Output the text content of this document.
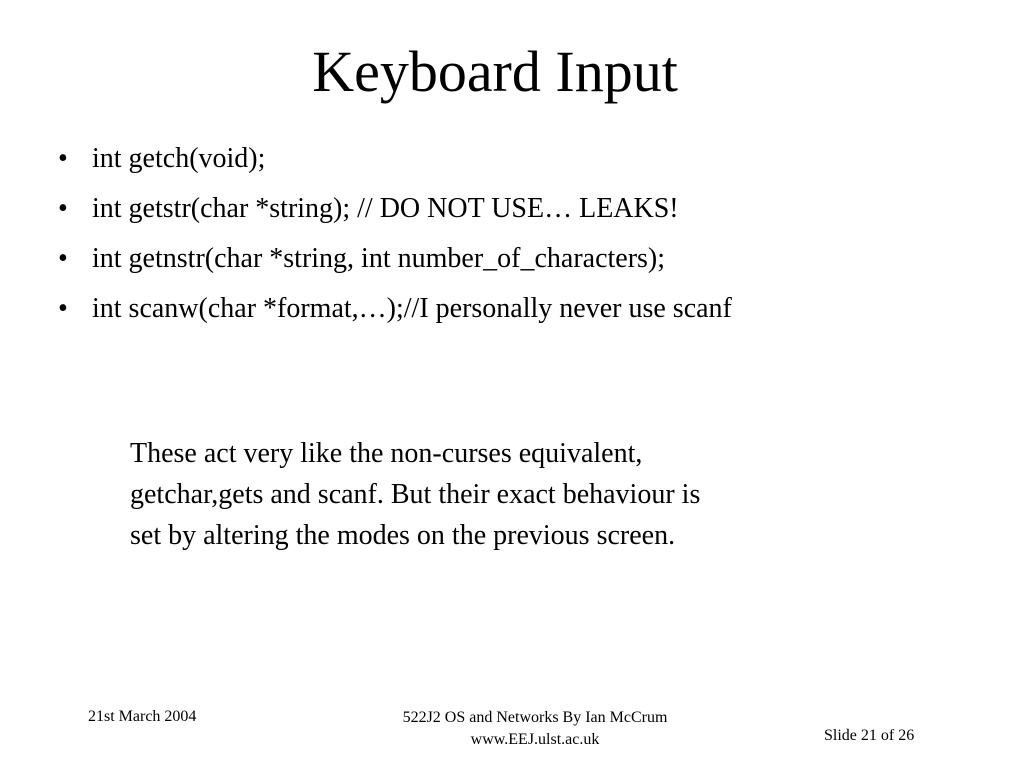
Keyboard Input
• int getch(void);
• int getstr(char *string); // DO NOT USE… LEAKS!
• int getnstr(char *string, int number_of_characters);
• int scanw(char *format,…);//I personally never use scanf
These act very like the non-curses equivalent,
getchar,gets and scanf. But their exact behaviour is
set by altering the modes on the previous screen.
21st March 2004	522J2 OS and Networks By Ian McCrum
www.EEJ.ulst.ac.uk	Slide 21 of 26
